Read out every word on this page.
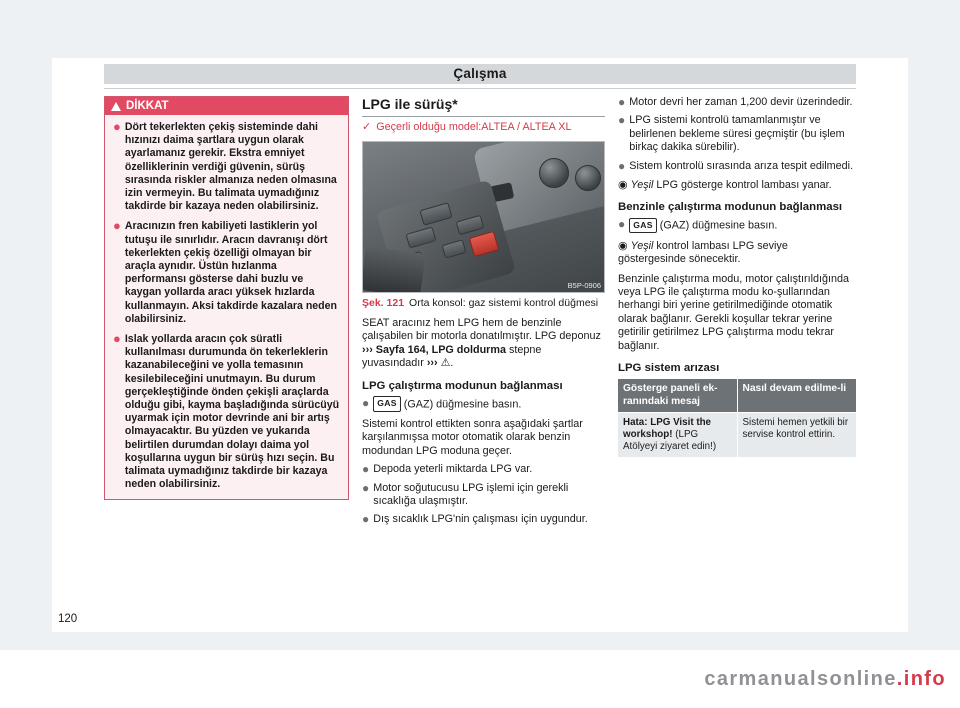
Çalışma
120
carmanualsonline.info
DİKKAT
● Dört tekerlekten çekiş sisteminde dahi hızınızı daima şartlara uygun olarak ayarlamanız gerekir. Ekstra emniyet özelliklerinin verdiği güvenin, sürüş sırasında riskler almanıza neden olmasına izin vermeyin. Bu talimata uymadığınız takdirde bir kazaya neden olabilirsiniz.
● Aracınızın fren kabiliyeti lastiklerin yol tutuşu ile sınırlıdır. Aracın davranışı dört tekerlekten çekiş özelliği olmayan bir araçla aynıdır. Üstün hızlanma performansı gösterse dahi buzlu ve kaygan yollarda aracı yüksek hızlarda kullanmayın. Aksi takdirde kazalara neden olabilirsiniz.
● Islak yollarda aracın çok süratli kullanılması durumunda ön tekerleklerin kazanabileceğini ve yolla temasının kesilebileceğini unutmayın. Bu durum gerçekleştiğinde önden çekişli araçlarda olduğu gibi, kayma başladığında sürücüyü uyarmak için motor devrinde ani bir artış olmayacaktır. Bu yüzden ve yukarıda belirtilen durumdan dolayı daima yol koşullarına uygun bir sürüş hızı seçin. Bu talimata uymadığınız takdirde bir kazaya neden olabilirsiniz.
LPG ile sürüş*
✓ Geçerli olduğu model:ALTEA / ALTEA XL
B5P-0906
Şek. 121 Orta konsol: gaz sistemi kontrol düğmesi

SEAT aracınız hem LPG hem de benzinle çalışabilen bir motorla donatılmıştır. LPG deponuz ››› Sayfa 164, LPG doldurma stepne yuvasındadır ››› ⚠.

LPG çalıştırma modunun bağlanması
● GAS (GAZ) düğmesine basın.

Sistemi kontrol ettikten sonra aşağıdaki şartlar karşılanmışsa motor otomatik olarak benzin modundan LPG moduna geçer.

● Depoda yeterli miktarda LPG var.
● Motor soğutucusu LPG işlemi için gerekli sıcaklığa ulaşmıştır.
● Dış sıcaklık LPG'nin çalışması için uygundur.
● Motor devri her zaman 1,200 devir üzerindedir.
● LPG sistemi kontrolü tamamlanmıştır ve belirlenen bekleme süresi geçmiştir (bu işlem birkaç dakika sürebilir).
● Sistem kontrolü sırasında arıza tespit edilmedi.

◉ Yeşil LPG gösterge kontrol lambası yanar.

Benzinle çalıştırma modunun bağlanması
● GAS (GAZ) düğmesine basın.

◉ Yeşil kontrol lambası LPG seviye göstergesinde sönecektir.

Benzinle çalıştırma modu, motor çalıştırıldığında veya LPG ile çalıştırma modu ko-şullarından herhangi biri yerine getirilmediğinde otomatik olarak bağlanır. Gerekli koşullar tekrar yerine getirilir getirilmez LPG çalıştırma modu tekrar bağlanır.

LPG sistem arızası
Gösterge paneli ek-ranındaki mesaj	Nasıl devam edilme-li
Hata: LPG Visit the workshop! (LPG Atölyeyi ziyaret edin!)	Sistemi hemen yetkili bir servise kontrol ettirin.
